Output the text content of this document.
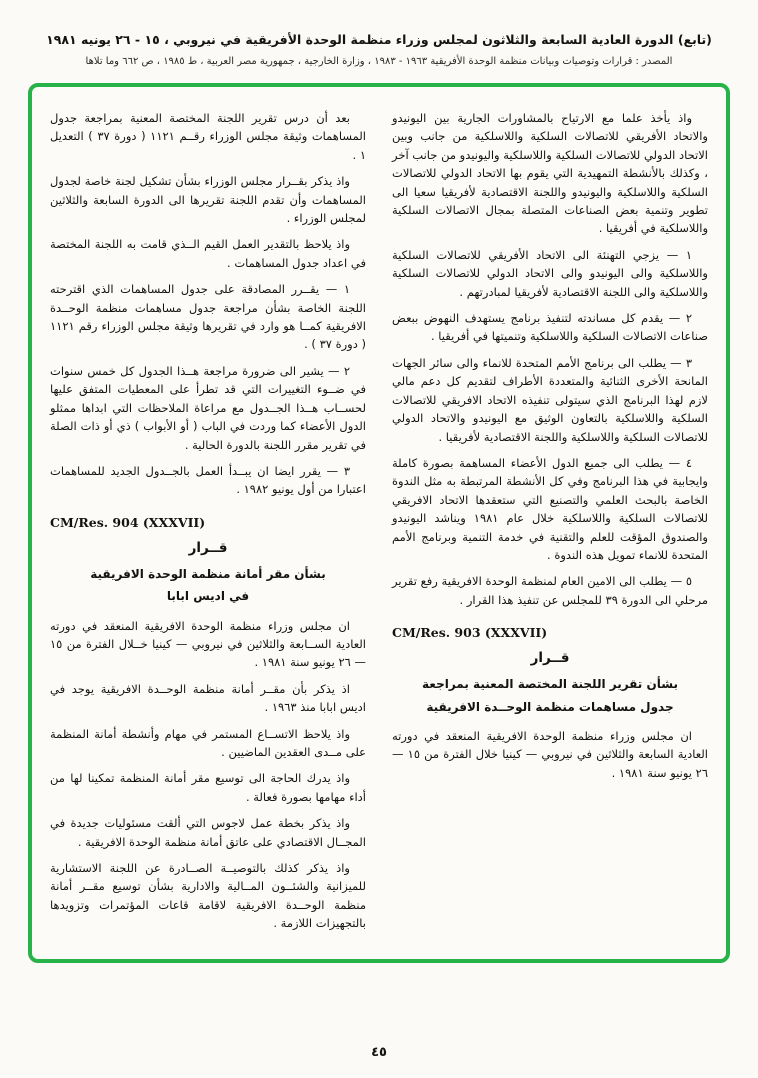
(تابع) الدورة العادية السابعة والثلاثون لمجلس وزراء منظمة الوحدة الأفريقية في نيروبي ، ١٥ - ٢٦ يونيه ١٩٨١
المصدر : قرارات وتوصيات وبيانات منظمة الوحدة الأفريقية ١٩٦٣ - ١٩٨٣ ، وزارة الخارجية ، جمهورية مصر العربية ، ط ١٩٨٥ ، ص ٦٦٢ وما تلاها

واذ يأخذ علما مع الارتياح بالمشاورات الجارية بين اليونيدو والاتحاد الأفريقي للاتصالات السلكية واللاسلكية من جانب وبين الاتحاد الدولي للاتصالات السلكية واللاسلكية واليونيدو من جانب آخر ، وكذلك بالأنشطة التمهيدية التي يقوم بها الاتحاد الدولي للاتصالات السلكية واللاسلكية واليونيدو واللجنة الاقتصادية لأفريقيا سعيا الى تطوير وتنمية بعض الصناعات المتصلة بمجال الاتصالات السلكية واللاسلكية في أفريقيا .

١ — يزجي التهنئة الى الاتحاد الأفريقي للاتصالات السلكية واللاسلكية والى اليونيدو والى الاتحاد الدولي للاتصالات السلكية واللاسلكية والى اللجنة الاقتصادية لأفريقيا لمبادرتهم .

٢ — يقدم كل مساندته لتنفيذ برنامج يستهدف النهوض ببعض صناعات الاتصالات السلكية واللاسلكية وتنميتها في أفريقيا .

٣ — يطلب الى برنامج الأمم المتحدة للانماء والى سائر الجهات المانحة الأخرى الثنائية والمتعددة الأطراف لتقديم كل دعم مالي لازم لهذا البرنامج الذي سيتولى تنفيذه الاتحاد الافريقي للاتصالات السلكية واللاسلكية بالتعاون الوثيق مع اليونيدو والاتحاد الدولي للاتصالات السلكية واللاسلكية واللجنة الاقتصادية لأفريقيا .

٤ — يطلب الى جميع الدول الأعضاء المساهمة بصورة كاملة وايجابية في هذا البرنامج وفي كل الأنشطة المرتبطة به مثل الندوة الخاصة بالبحث العلمي والتصنيع التي ستعقدها الاتحاد الافريقي للاتصالات السلكية واللاسلكية خلال عام ١٩٨١ ويناشد اليونيدو والصندوق المؤقت للعلم والتقنية في خدمة التنمية وبرنامج الأمم المتحدة للانماء تمويل هذه الندوة .

٥ — يطلب الى الامين العام لمنظمة الوحدة الافريقية رفع تقرير مرحلي الى الدورة ٣٩ للمجلس عن تنفيذ هذا القرار .

CM/Res. 903 (XXXVII)
قــرار
بشأن تقرير اللجنة المختصة المعنية بمراجعة
جدول مساهمات منظمة الوحــدة الافريقية

ان مجلس وزراء منظمة الوحدة الافريقية المنعقد في دورته العادية السابعة والثلاثين في نيروبي — كينيا خلال الفترة من ١٥ — ٢٦ يونيو سنة ١٩٨١ .

بعد أن درس تقرير اللجنة المختصة المعنية بمراجعة جدول المساهمات وثيقة مجلس الوزراء رقــم ١١٢١ ( دورة ٣٧ ) التعديل ١ .

واذ يذكر بقــرار مجلس الوزراء بشأن تشكيل لجنة خاصة لجدول المساهمات وأن تقدم اللجنة تقريرها الى الدورة السابعة والثلاثين لمجلس الوزراء .

واذ يلاحظ بالتقدير العمل القيم الــذي قامت به اللجنة المختصة في اعداد جدول المساهمات .

١ — يقــرر المصادقة على جدول المساهمات الذي اقترحته اللجنة الخاصة بشأن مراجعة جدول مساهمات منظمة الوحــدة الافريقية كمــا هو وارد في تقريرها وثيقة مجلس الوزراء رقم ١١٢١ ( دورة ٣٧ ) .

٢ — يشير الى ضرورة مراجعة هــذا الجدول كل خمس سنوات في ضــوء التغييرات التي قد تطرأ على المعطيات المتفق عليها لحســاب هــذا الجــدول مع مراعاة الملاحظات التي ابداها ممثلو الدول الأعضاء كما وردت في الباب ( أو الأبواب ) ذي أو ذات الصلة في تقرير مقرر اللجنة بالدورة الحالية .

٣ — يقرر ايضا ان يبــدأ العمل بالجــدول الجديد للمساهمات اعتبارا من أول يونيو ١٩٨٢ .

CM/Res. 904 (XXXVII)
قــرار
بشأن مقر أمانة منظمة الوحدة الافريقية
في اديس ابابا

ان مجلس وزراء منظمة الوحدة الافريقية المنعقد في دورته العادية الســابعة والثلاثين في نيروبي — كينيا خــلال الفترة من ١٥ — ٢٦ يونيو سنة ١٩٨١ .

اذ يذكر بأن مقــر أمانة منظمة الوحــدة الافريقية يوجد في اديس ابابا منذ ١٩٦٣ .

واذ يلاحظ الاتســاع المستمر في مهام وأنشطة أمانة المنظمة على مــدى العقدين الماضيين .

واذ يدرك الحاجة الى توسيع مقر أمانة المنظمة تمكينا لها من أداء مهامها بصورة فعالة .

واذ يذكر بخطة عمل لاجوس التي ألقت مسئوليات جديدة في المجــال الاقتصادي على عاتق أمانة منظمة الوحدة الافريقية .

واذ يذكر كذلك بالتوصيــة الصــادرة عن اللجنة الاستشارية للميزانية والشئــون المــالية والادارية بشأن توسيع مقــر أمانة منظمة الوحــدة الافريقية لاقامة قاعات المؤتمرات وتزويدها بالتجهيزات اللازمة .

٤٥
